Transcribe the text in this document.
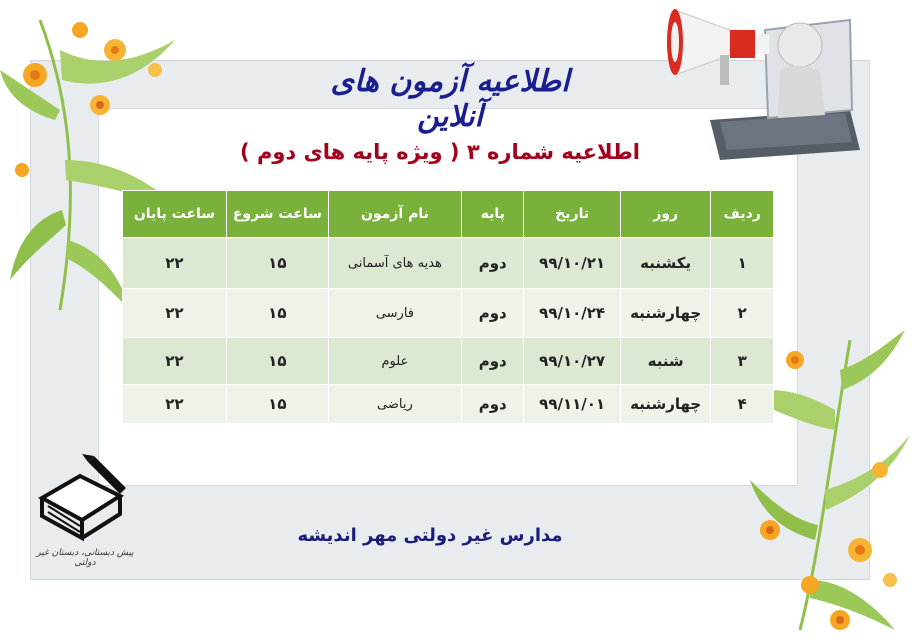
اطلاعیه آزمون های آنلاین
اطلاعیه شماره ۳ ( ویژه پایه های دوم )
ردیف	روز	تاریخ	پایه	نام آزمون	ساعت شروع	ساعت پایان
۱	یکشنبه	۹۹/۱۰/۲۱	دوم	هدیه های آسمانی	۱۵	۲۲
۲	چهارشنبه	۹۹/۱۰/۲۴	دوم	فارسی	۱۵	۲۲
۳	شنبه	۹۹/۱۰/۲۷	دوم	علوم	۱۵	۲۲
۴	چهارشنبه	۹۹/۱۱/۰۱	دوم	ریاضی	۱۵	۲۲
پیش دبستانی، دبستان غیر دولتی
مدارس غیر دولتی مهر اندیشه
